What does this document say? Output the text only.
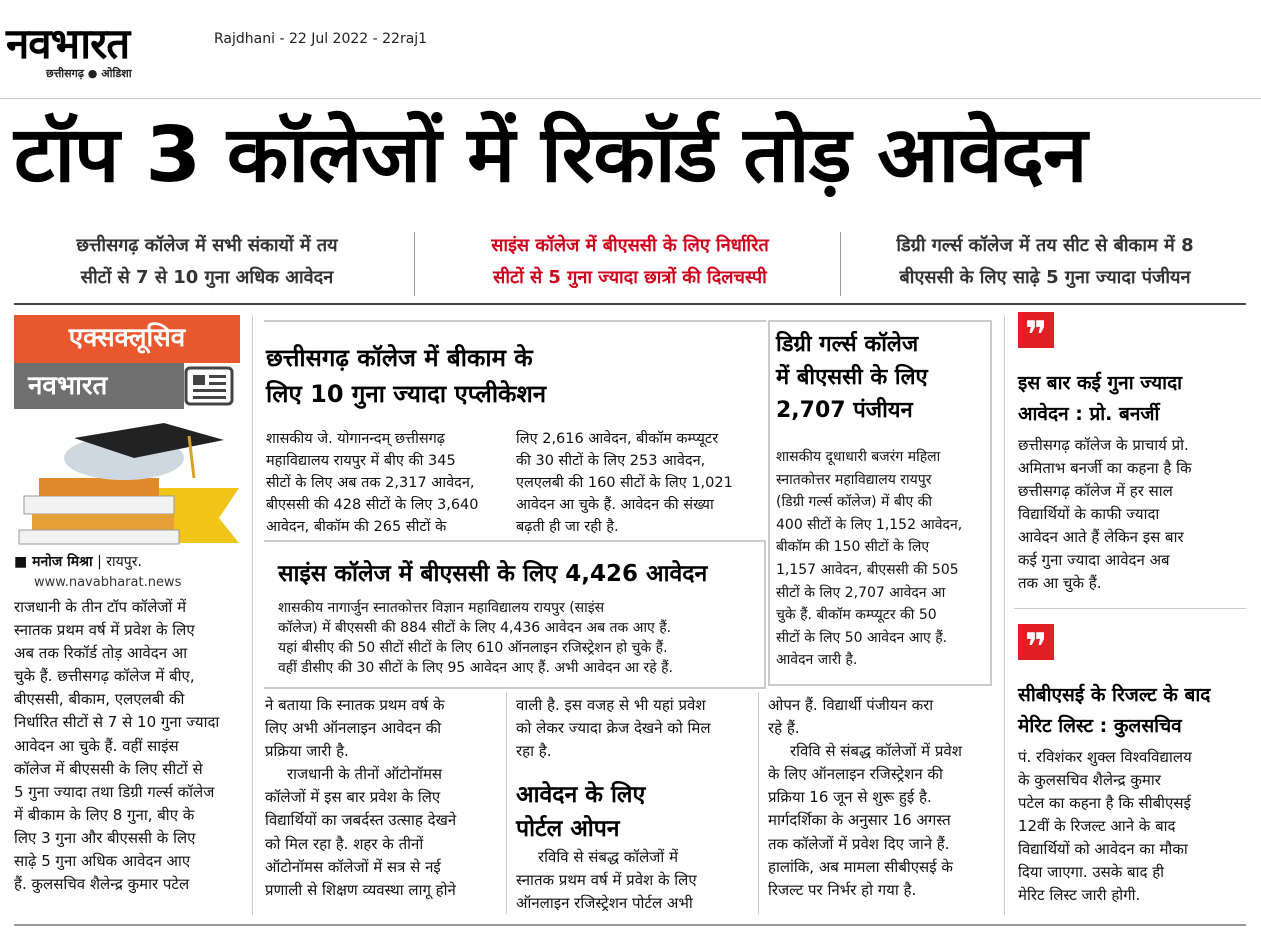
नवभारत
छत्तीसगढ़ ● ओडिशा
Rajdhani - 22 Jul 2022 - 22raj1
टॉप 3 कॉलेजों में रिकॉर्ड तोड़ आवेदन
छत्तीसगढ़ कॉलेज में सभी संकायों में तय
सीटों से 7 से 10 गुना अधिक आवेदन
साइंस कॉलेज में बीएससी के लिए निर्धारित
सीटों से 5 गुना ज्यादा छात्रों की दिलचस्पी
डिग्री गर्ल्स कॉलेज में तय सीट से बीकाम में 8
बीएससी के लिए साढ़े 5 गुना ज्यादा पंजीयन
एक्सक्लूसिव
नवभारत
■ मनोज मिश्रा | रायपुर.
www.navabharat.news
राजधानी के तीन टॉप कॉलेजों में
स्नातक प्रथम वर्ष में प्रवेश के लिए
अब तक रिकॉर्ड तोड़ आवेदन आ
चुके हैं. छत्तीसगढ़ कॉलेज में बीए,
बीएससी, बीकाम, एलएलबी की
निर्धारित सीटों से 7 से 10 गुना ज्यादा
आवेदन आ चुके हैं. वहीं साइंस
कॉलेज में बीएससी के लिए सीटों से
5 गुना ज्यादा तथा डिग्री गर्ल्स कॉलेज
में बीकाम के लिए 8 गुना, बीए के
लिए 3 गुना और बीएससी के लिए
साढ़े 5 गुना अधिक आवेदन आए
हैं. कुलसचिव शैलेन्द्र कुमार पटेल
छत्तीसगढ़ कॉलेज में बीकाम के
लिए 10 गुना ज्यादा एप्लीकेशन
शासकीय जे. योगानन्दम् छत्तीसगढ़
महाविद्यालय रायपुर में बीए की 345
सीटों के लिए अब तक 2,317 आवेदन,
बीएससी की 428 सीटों के लिए 3,640
आवेदन, बीकॉम की 265 सीटों के
लिए 2,616 आवेदन, बीकॉम कम्प्यूटर
की 30 सीटों के लिए 253 आवेदन,
एलएलबी की 160 सीटों के लिए 1,021
आवेदन आ चुके हैं. आवेदन की संख्या
बढ़ती ही जा रही है.
साइंस कॉलेज में बीएससी के लिए 4,426 आवेदन
शासकीय नागार्जुन स्नातकोत्तर विज्ञान महाविद्यालय रायपुर (साइंस
कॉलेज) में बीएससी की 884 सीटों के लिए 4,436 आवेदन अब तक आए हैं.
यहां बीसीए की 50 सीटों सीटों के लिए 610 ऑनलाइन रजिस्ट्रेशन हो चुके हैं.
वहीं डीसीए की 30 सीटों के लिए 95 आवेदन आए हैं. अभी आवेदन आ रहे हैं.
डिग्री गर्ल्स कॉलेज
में बीएससी के लिए
2,707 पंजीयन
शासकीय दूधाधारी बजरंग महिला
स्नातकोत्तर महाविद्यालय रायपुर
(डिग्री गर्ल्स कॉलेज) में बीए की
400 सीटों के लिए 1,152 आवेदन,
बीकॉम की 150 सीटों के लिए
1,157 आवेदन, बीएससी की 505
सीटों के लिए 2,707 आवेदन आ
चुके हैं. बीकॉम कम्प्यूटर की 50
सीटों के लिए 50 आवेदन आए हैं.
आवेदन जारी है.
ने बताया कि स्नातक प्रथम वर्ष के
लिए अभी ऑनलाइन आवेदन की
प्रक्रिया जारी है.
राजधानी के तीनों ऑटोनॉमस
कॉलेजों में इस बार प्रवेश के लिए
विद्यार्थियों का जबर्दस्त उत्साह देखने
को मिल रहा है. शहर के तीनों
ऑटोनॉमस कॉलेजों में सत्र से नई
प्रणाली से शिक्षण व्यवस्था लागू होने
वाली है. इस वजह से भी यहां प्रवेश
को लेकर ज्यादा क्रेज देखने को मिल
रहा है.
आवेदन के लिए
पोर्टल ओपन
रविवि से संबद्ध कॉलेजों में
स्नातक प्रथम वर्ष में प्रवेश के लिए
ऑनलाइन रजिस्ट्रेशन पोर्टल अभी
ओपन हैं. विद्यार्थी पंजीयन करा
रहे हैं.
रविवि से संबद्ध कॉलेजों में प्रवेश
के लिए ऑनलाइन रजिस्ट्रेशन की
प्रक्रिया 16 जून से शुरू हुई है.
मार्गदर्शिका के अनुसार 16 अगस्त
तक कॉलेजों में प्रवेश दिए जाने हैं.
हालांकि, अब मामला सीबीएसई के
रिजल्ट पर निर्भर हो गया है.
❞
इस बार कई गुना ज्यादा
आवेदन : प्रो. बनर्जी
छत्तीसगढ़ कॉलेज के प्राचार्य प्रो.
अमिताभ बनर्जी का कहना है कि
छत्तीसगढ़ कॉलेज में हर साल
विद्यार्थियों के काफी ज्यादा
आवेदन आते हैं लेकिन इस बार
कई गुना ज्यादा आवेदन अब
तक आ चुके हैं.
❞
सीबीएसई के रिजल्ट के बाद
मेरिट लिस्ट : कुलसचिव
पं. रविशंकर शुक्ल विश्वविद्यालय
के कुलसचिव शैलेन्द्र कुमार
पटेल का कहना है कि सीबीएसई
12वीं के रिजल्ट आने के बाद
विद्यार्थियों को आवेदन का मौका
दिया जाएगा. उसके बाद ही
मेरिट लिस्ट जारी होगी.
